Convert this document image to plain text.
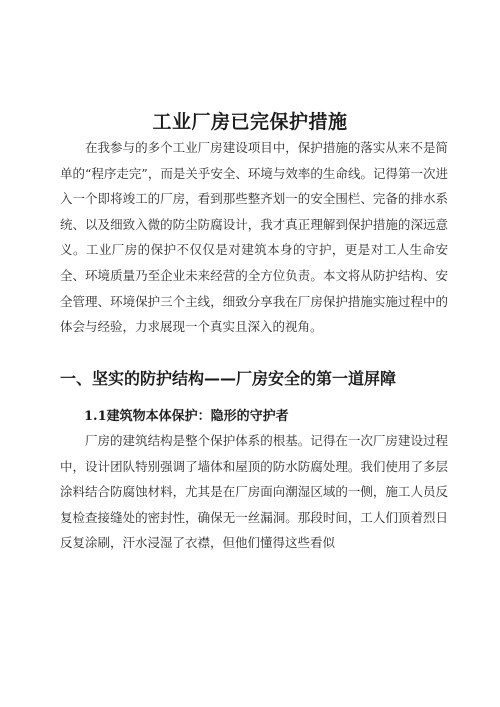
工业厂房已完保护措施

在我参与的多个工业厂房建设项目中，保护措施的落实从来不是简单的“程序走完”，而是关乎安全、环境与效率的生命线。记得第一次进入一个即将竣工的厂房，看到那些整齐划一的安全围栏、完备的排水系统、以及细致入微的防尘防腐设计，我才真正理解到保护措施的深远意义。工业厂房的保护不仅仅是对建筑本身的守护，更是对工人生命安全、环境质量乃至企业未来经营的全方位负责。本文将从防护结构、安全管理、环境保护三个主线，细致分享我在厂房保护措施实施过程中的体会与经验，力求展现一个真实且深入的视角。

一、坚实的防护结构——厂房安全的第一道屏障
1.1建筑物本体保护：隐形的守护者

厂房的建筑结构是整个保护体系的根基。记得在一次厂房建设过程中，设计团队特别强调了墙体和屋顶的防水防腐处理。我们使用了多层涂料结合防腐蚀材料，尤其是在厂房面向潮湿区域的一侧，施工人员反复检查接缝处的密封性，确保无一丝漏洞。那段时间，工人们顶着烈日反复涂刷，汗水浸湿了衣襟，但他们懂得这些看似
